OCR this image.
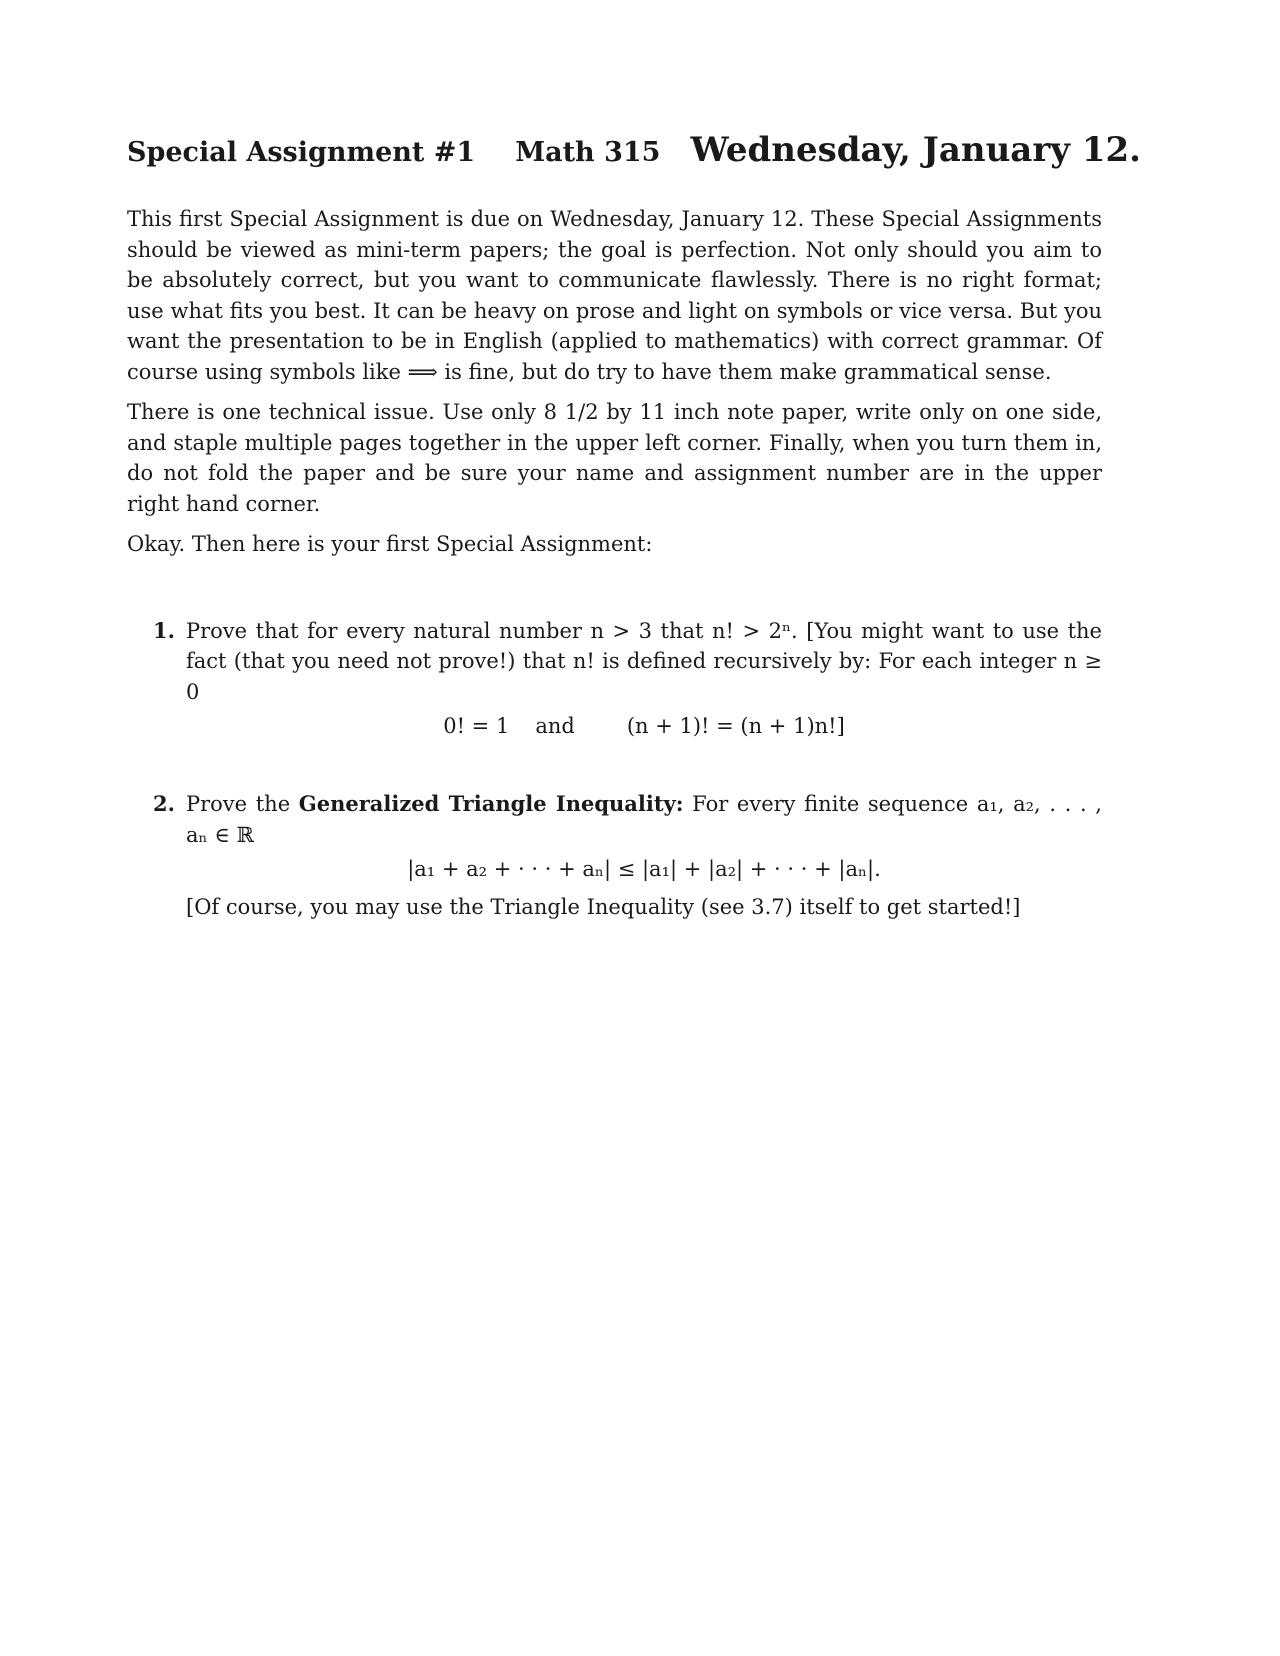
Special Assignment #1 Math 315 Wednesday, January 12.

This first Special Assignment is due on Wednesday, January 12. These Special Assignments should be viewed as mini-term papers; the goal is perfection. Not only should you aim to be absolutely correct, but you want to communicate flawlessly. There is no right format; use what fits you best. It can be heavy on prose and light on symbols or vice versa. But you want the presentation to be in English (applied to mathematics) with correct grammar. Of course using symbols like ⟹ is fine, but do try to have them make grammatical sense.

There is one technical issue. Use only 8 1/2 by 11 inch note paper, write only on one side, and staple multiple pages together in the upper left corner. Finally, when you turn them in, do not fold the paper and be sure your name and assignment number are in the upper right hand corner.

Okay. Then here is your first Special Assignment:

1. Prove that for every natural number n > 3 that n! > 2ⁿ. [You might want to use the fact (that you need not prove!) that n! is defined recursively by: For each integer n ≥ 0
0! = 1 and (n + 1)! = (n + 1)n!]
2. Prove the Generalized Triangle Inequality: For every finite sequence a₁, a₂, . . . , aₙ ∈ ℝ
|a₁ + a₂ + · · · + aₙ| ≤ |a₁| + |a₂| + · · · + |aₙ|.
[Of course, you may use the Triangle Inequality (see 3.7) itself to get started!]
